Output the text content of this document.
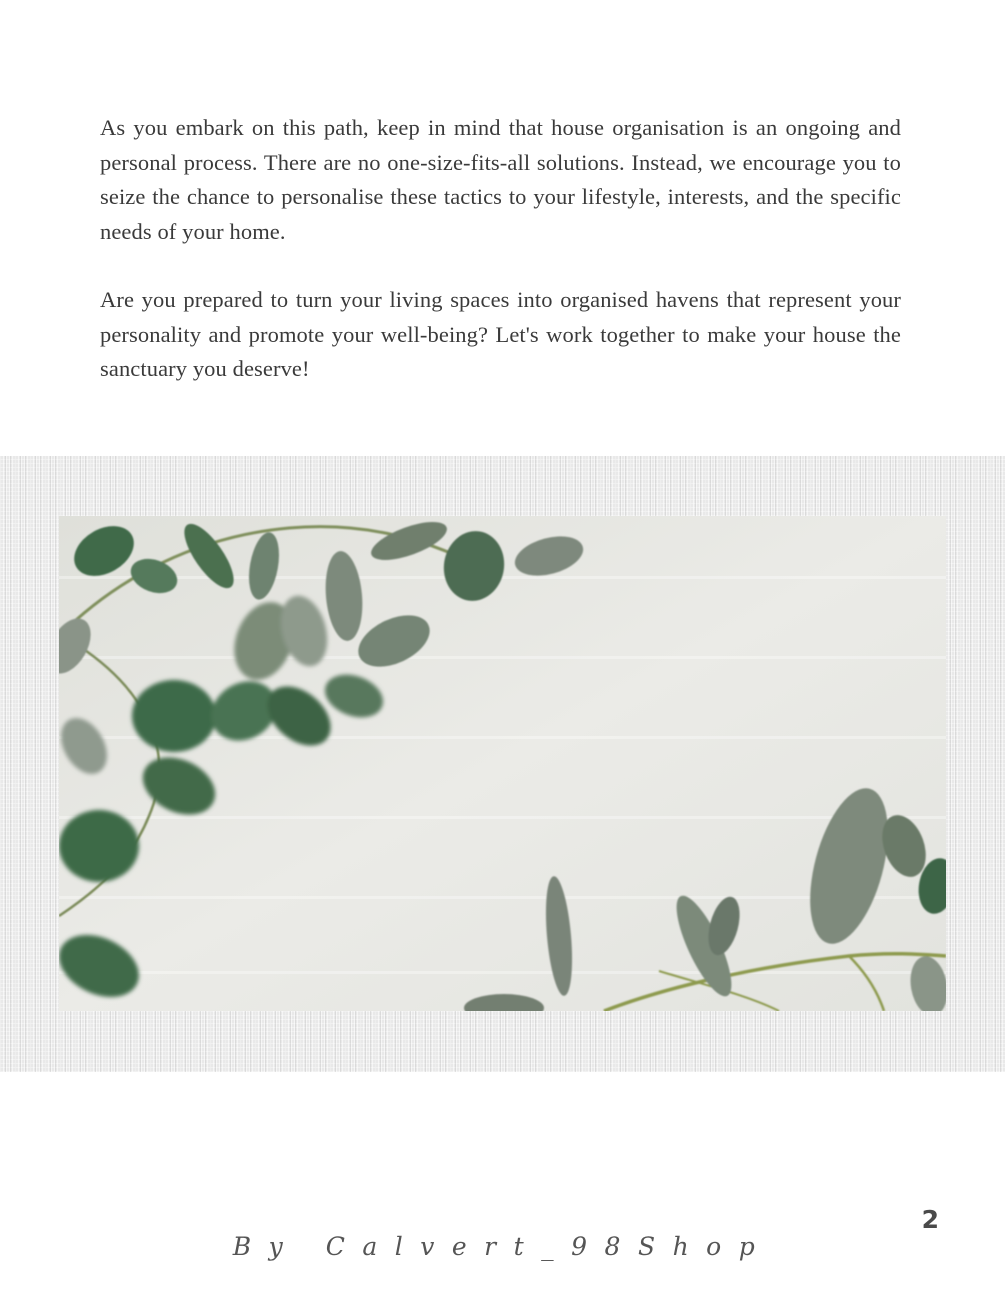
As you embark on this path, keep in mind that house organisation is an ongoing and personal process. There are no one-size-fits-all solutions. Instead, we encourage you to seize the chance to personalise these tactics to your lifestyle, interests, and the specific needs of your home.

Are you prepared to turn your living spaces into organised havens that represent your personality and promote your well-being? Let's work together to make your house the sanctuary you deserve!

2
By Calvert_98Shop
